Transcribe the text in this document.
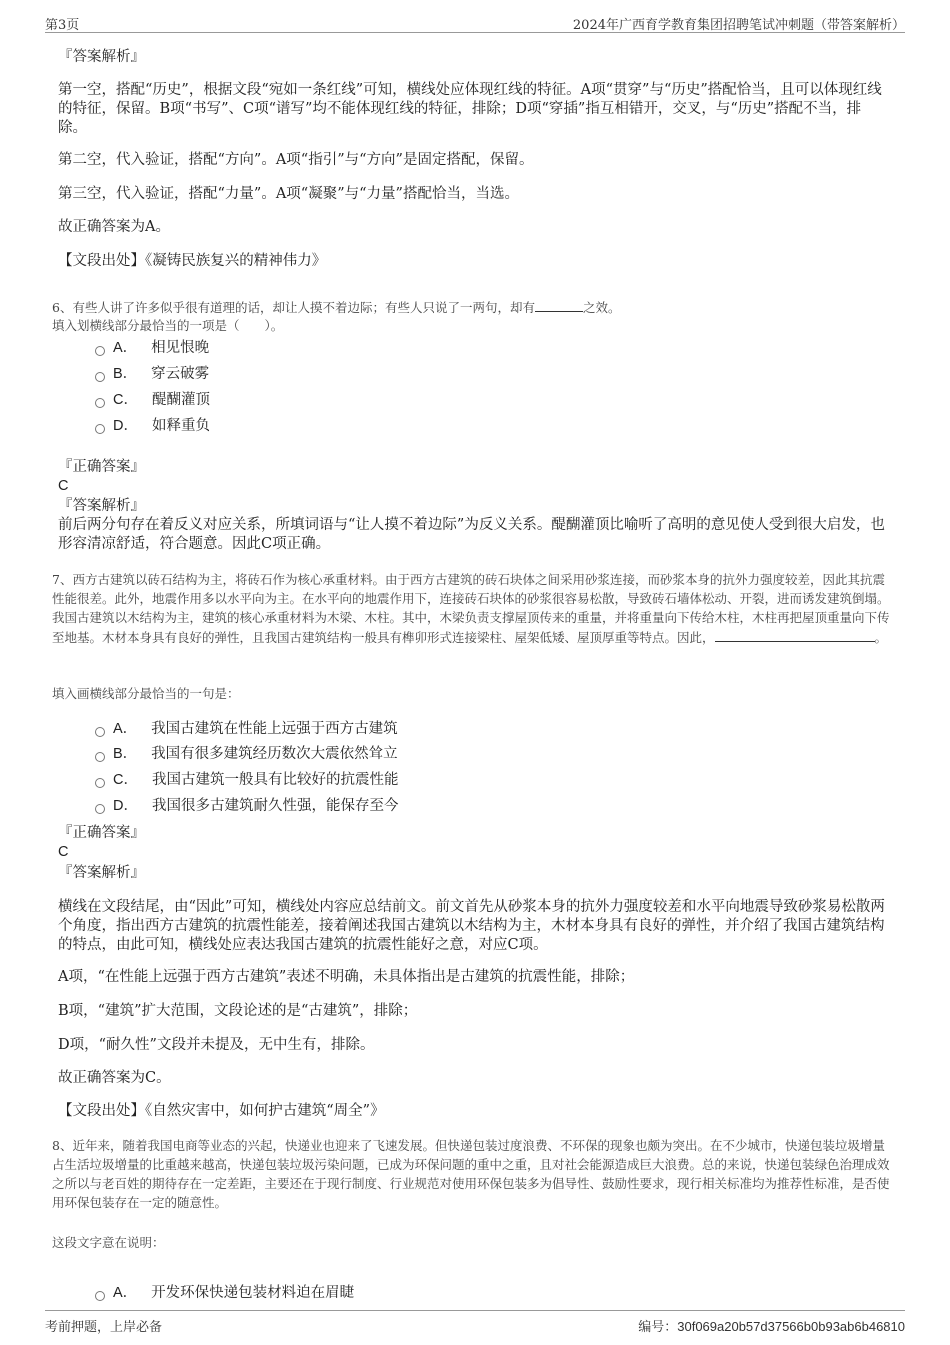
第3页	2024年广西育学教育集团招聘笔试冲刺题（带答案解析）
『答案解析』
第一空，搭配“历史”，根据文段“宛如一条红线”可知，横线处应体现红线的特征。A项“贯穿”与“历史”搭配恰当，且可以体现红线的特征，保留。B项“书写”、C项“谱写”均不能体现红线的特征，排除；D项“穿插”指互相错开，交叉，与“历史”搭配不当，排除。
第二空，代入验证，搭配“方向”。A项“指引”与“方向”是固定搭配，保留。
第三空，代入验证，搭配“力量”。A项“凝聚”与“力量”搭配恰当，当选。
故正确答案为A。
【文段出处】《凝铸民族复兴的精神伟力》
6、有些人讲了许多似乎很有道理的话，却让人摸不着边际；有些人只说了一两句，却有	之效。
填入划横线部分最恰当的一项是（　　）。
A． 相见恨晚
B． 穿云破雾
C． 醍醐灌顶
D． 如释重负
『正确答案』
C
『答案解析』
前后两分句存在着反义对应关系，所填词语与“让人摸不着边际”为反义关系。醍醐灌顶比喻听了高明的意见使人受到很大启发，也形容清凉舒适，符合题意。因此C项正确。
7、西方古建筑以砖石结构为主，将砖石作为核心承重材料。由于西方古建筑的砖石块体之间采用砂浆连接，而砂浆本身的抗外力强度较差，因此其抗震性能很差。此外，地震作用多以水平向为主。在水平向的地震作用下，连接砖石块体的砂浆很容易松散，导致砖石墙体松动、开裂，进而诱发建筑倒塌。我国古建筑以木结构为主，建筑的核心承重材料为木梁、木柱。其中，木梁负责支撑屋顶传来的重量，并将重量向下传给木柱，木柱再把屋顶重量向下传至地基。木材本身具有良好的弹性，且我国古建筑结构一般具有榫卯形式连接梁柱、屋架低矮、屋顶厚重等特点。因此，	。
填入画横线部分最恰当的一句是：
A． 我国古建筑在性能上远强于西方古建筑
B． 我国有很多建筑经历数次大震依然耸立
C． 我国古建筑一般具有比较好的抗震性能
D． 我国很多古建筑耐久性强，能保存至今
『正确答案』
C
『答案解析』
横线在文段结尾，由“因此”可知，横线处内容应总结前文。前文首先从砂浆本身的抗外力强度较差和水平向地震导致砂浆易松散两个角度，指出西方古建筑的抗震性能差，接着阐述我国古建筑以木结构为主，木材本身具有良好的弹性，并介绍了我国古建筑结构的特点，由此可知，横线处应表达我国古建筑的抗震性能好之意，对应C项。
A项，“在性能上远强于西方古建筑”表述不明确，未具体指出是古建筑的抗震性能，排除；
B项，“建筑”扩大范围，文段论述的是“古建筑”，排除；
D项，“耐久性”文段并未提及，无中生有，排除。
故正确答案为C。
【文段出处】《自然灾害中，如何护古建筑“周全”》
8、近年来，随着我国电商等业态的兴起，快递业也迎来了飞速发展。但快递包装过度浪费、不环保的现象也颇为突出。在不少城市，快递包装垃圾增量占生活垃圾增量的比重越来越高，快递包装垃圾污染问题，已成为环保问题的重中之重，且对社会能源造成巨大浪费。总的来说，快递包装绿色治理成效之所以与老百姓的期待存在一定差距，主要还在于现行制度、行业规范对使用环保包装多为倡导性、鼓励性要求，现行相关标准均为推荐性标准，是否使用环保包装存在一定的随意性。
这段文字意在说明：
A． 开发环保快递包装材料迫在眉睫
考前押题，上岸必备	编号：30f069a20b57d37566b0b93ab6b46810
